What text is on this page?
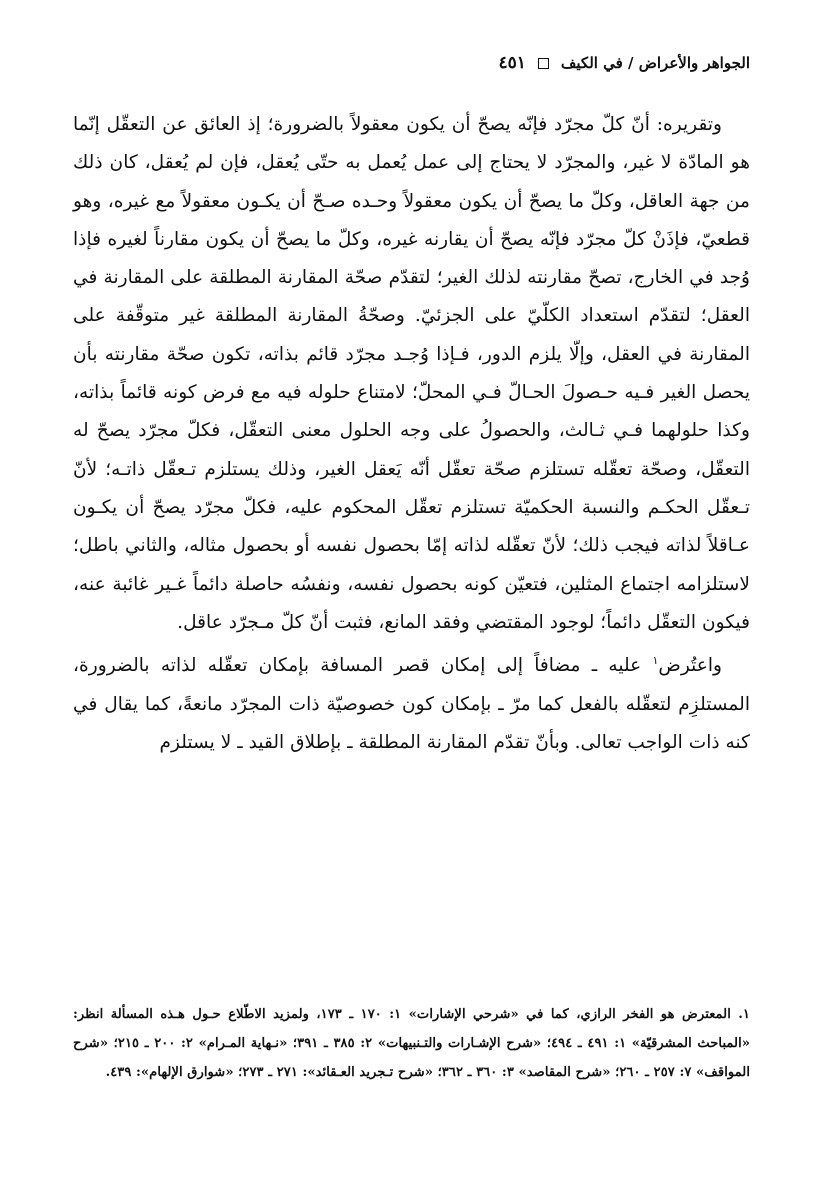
الجواهر والأعراض / في الكيف
٤٥١

وتقريره: أنّ كلّ مجرّد فإنّه يصحّ أن يكون معقولاً بالضرورة؛ إذ العائق عن التعقّل إنّما هو المادّة لا غير، والمجرّد لا يحتاج إلى عمل يُعمل به حتّى يُعقل، فإن لم يُعقل، كان ذلك من جهة العاقل، وكلّ ما يصحّ أن يكون معقولاً وحـده صـحّ أن يكـون معقولاً مع غيره، وهو قطعيّ، فإذَنْ كلّ مجرّد فإنّه يصحّ أن يقارنه غيره، وكلّ ما يصحّ أن يكون مقارناً لغيره فإذا وُجد في الخارج، تصحّ مقارنته لذلك الغير؛ لتقدّم صحّة المقارنة المطلقة على المقارنة في العقل؛ لتقدّم استعداد الكلّيّ على الجزئيّ. وصحّةُ المقارنة المطلقة غير متوقّفة على المقارنة في العقل، وإلّا يلزم الدور، فـإذا وُجـد مجرّد قائم بذاته، تكون صحّة مقارنته بأن يحصل الغير فـيه حـصولَ الحـالّ فـي المحلّ؛ لامتناع حلوله فيه مع فرض كونه قائماً بذاته، وكذا حلولهما فـي ثـالث، والحصولُ على وجه الحلول معنى التعقّل، فكلّ مجرّد يصحّ له التعقّل، وصحّة تعقّله تستلزم صحّة تعقّل أنّه يَعقل الغير، وذلك يستلزم تـعقّل ذاتـه؛ لأنّ تـعقّل الحكـم والنسبة الحكميّة تستلزم تعقّل المحكوم عليه، فكلّ مجرّد يصحّ أن يكـون عـاقلاً لذاته فيجب ذلك؛ لأنّ تعقّله لذاته إمّا بحصول نفسه أو بحصول مثاله، والثاني باطل؛ لاستلزامه اجتماع المثلين، فتعيّن كونه بحصول نفسه، ونفسُه حاصلة دائماً غـير غائبة عنه، فيكون التعقّل دائماً؛ لوجود المقتضي وفقد المانع، فثبت أنّ كلّ مـجرّد عاقل.

واعتُرض$^١$ عليه ـ مضافاً إلى إمكان قصر المسافة بإمكان تعقّله لذاته بالضرورة، المستلزِم لتعقّله بالفعل كما مرّ ـ بإمكان كون خصوصيّة ذات المجرّد مانعةً، كما يقال في كنه ذات الواجب تعالى. وبأنّ تقدّم المقارنة المطلقة ـ بإطلاق القيد ـ لا يستلزم

١. المعترض هو الفخر الرازي، كما في «شرحي الإشارات» ١: ١٧٠ ـ ١٧٣، ولمزيد الاطّلاع حـول هـذه المسألة انظر: «المباحث المشرقيّة» ١: ٤٩١ ـ ٤٩٤؛ «شرح الإشـارات والتـنبيهات» ٢: ٣٨٥ ـ ٣٩١؛ «نـهاية المـرام» ٢: ٢٠٠ ـ ٢١٥؛ «شرح المواقف» ٧: ٢٥٧ ـ ٢٦٠؛ «شرح المقاصد» ٣: ٣٦٠ ـ ٣٦٢؛ «شرح تـجريد العـقائد»: ٢٧١ ـ ٢٧٣؛ «شوارق الإلهام»: ٤٣٩.
